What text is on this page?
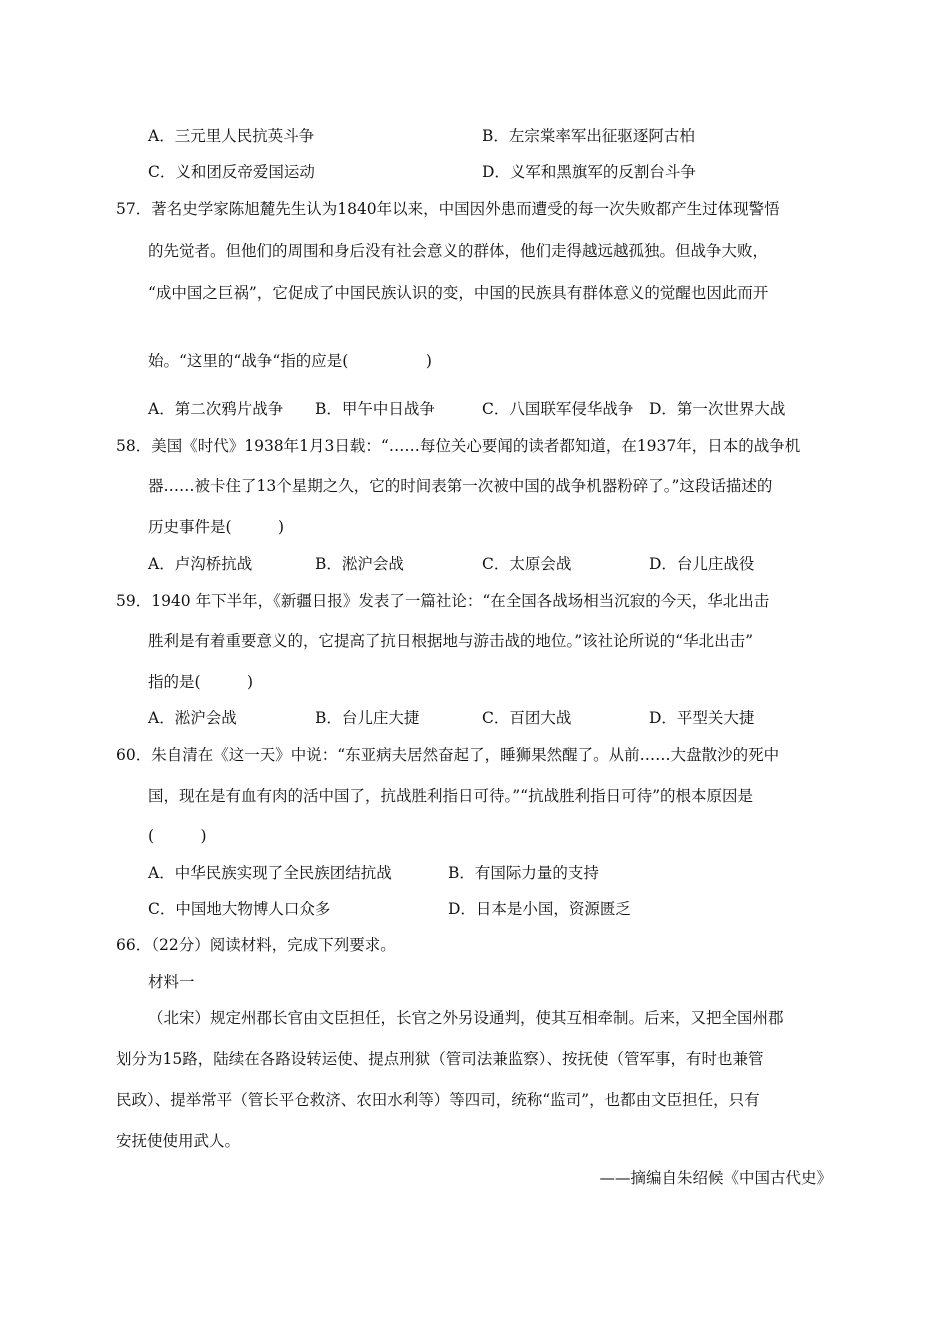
A．三元里人民抗英斗争	B．左宗棠率军出征驱逐阿古柏
C．义和团反帝爱国运动	D．义军和黑旗军的反割台斗争
57．著名史学家陈旭麓先生认为1840年以来，中国因外患而遭受的每一次失败都产生过体现警悟
的先觉者。但他们的周围和身后没有社会意义的群体，他们走得越远越孤独。但战争大败，
“成中国之巨祸”，它促成了中国民族认识的变，中国的民族具有群体意义的觉醒也因此而开
始。“这里的“战争“指的应是(　　　　　)
A．第二次鸦片战争 B．甲午中日战争	C．八国联军侵华战争 D．第一次世界大战
58．美国《时代》1938年1月3日载：“……每位关心要闻的读者都知道，在1937年，日本的战争机
器……被卡住了13个星期之久，它的时间表第一次被中国的战争机器粉碎了。”这段话描述的
历史事件是(　　　)
A．卢沟桥抗战	B．淞沪会战	C．太原会战	D．台儿庄战役
59．1940 年下半年，《新疆日报》发表了一篇社论：“在全国各战场相当沉寂的今天，华北出击
胜利是有着重要意义的，它提高了抗日根据地与游击战的地位。”该社论所说的“华北出击”
指的是(　　　)
A．淞沪会战	B．台儿庄大捷	C．百团大战	D．平型关大捷
60．朱自清在《这一天》中说：“东亚病夫居然奋起了，睡狮果然醒了。从前……大盘散沙的死中
国，现在是有血有肉的活中国了，抗战胜利指日可待。”“抗战胜利指日可待”的根本原因是
(　　　)
A．中华民族实现了全民族团结抗战	B．有国际力量的支持
C．中国地大物博人口众多	D．日本是小国，资源匮乏
66．（22分）阅读材料，完成下列要求。
材料一
（北宋）规定州郡长官由文臣担任，长官之外另设通判，使其互相牵制。后来，又把全国州郡
划分为15路，陆续在各路设转运使、提点刑狱（管司法兼监察）、按抚使（管军事，有时也兼管
民政）、提举常平（管长平仓救济、农田水利等）等四司，统称“监司”，也都由文臣担任，只有
安抚使使用武人。
——摘编自朱绍候《中国古代史》
